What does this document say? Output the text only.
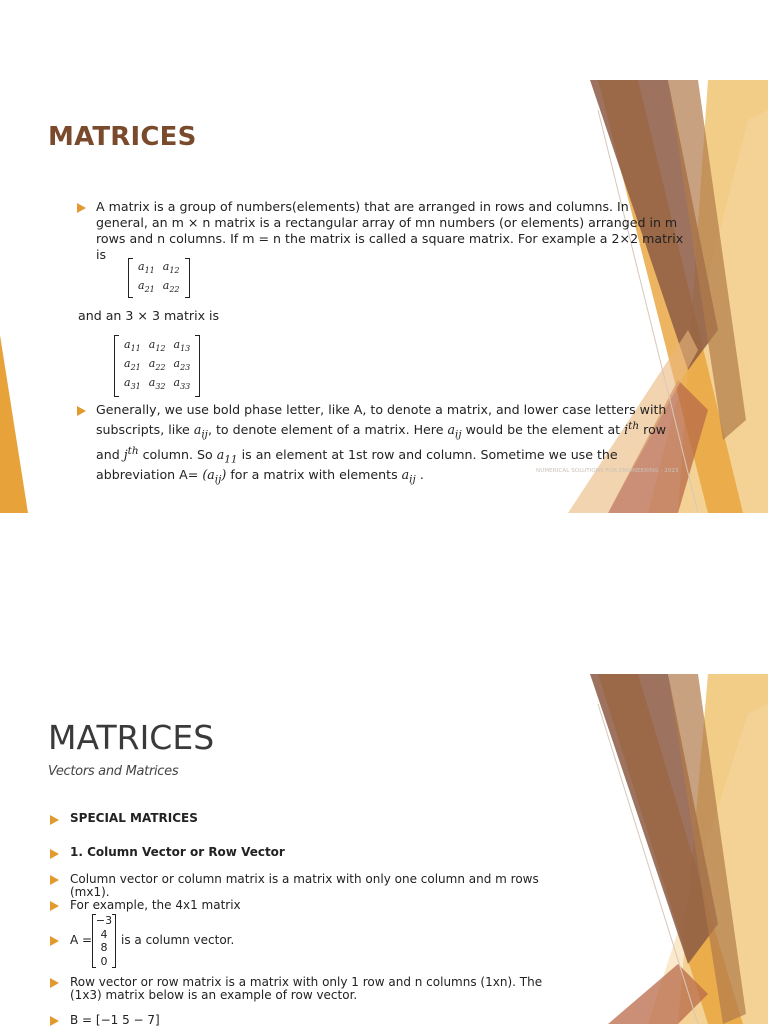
MATRICES
A matrix is a group of numbers(elements) that are arranged in rows and columns. In
general, an m × n matrix is a rectangular array of mn numbers (or elements) arranged in m
rows and n columns. If m = n the matrix is called a square matrix. For example a 2×2 matrix
is
$a_{11}$	$a_{12}$
$a_{21}$	$a_{22}$
and an 3 × 3 matrix is
$a_{11}$	$a_{12}$	$a_{13}$
$a_{21}$	$a_{22}$	$a_{23}$
$a_{31}$	$a_{32}$	$a_{33}$
Generally, we use bold phase letter, like A, to denote a matrix, and lower case letters with
subscripts, like $a_{ij}$, to denote element of a matrix. Here $a_{ij}$ would be the element at $i^{th}$ row
and $j^{th}$ column. So $a_{11}$ is an element at 1st row and column. Sometime we use the
abbreviation $A= (a_{ij})$ for a matrix with elements $a_{ij}$ .	NUMERICAL SOLUTIONS FOR ENGINEERING - 2023
MATRICES
Vectors and Matrices
SPECIAL MATRICES
1. Column Vector or Row Vector
Column vector or column matrix is a matrix with only one column and m rows
(mx1).
For example, the 4x1 matrix
A =
−3
4
8
0
is a column vector.
Row vector or row matrix is a matrix with only 1 row and n columns (1xn). The
(1x3) matrix below is an example of row vector.
B = [−1 5 − 7]
